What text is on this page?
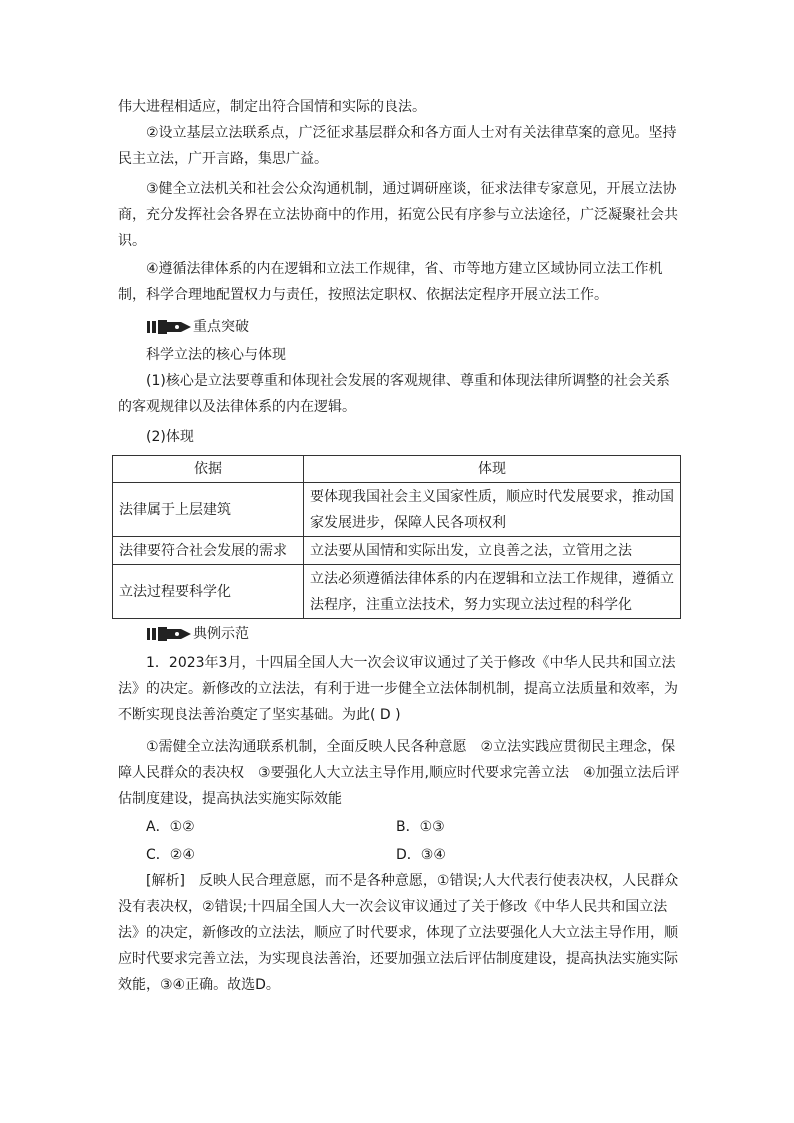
伟大进程相适应，制定出符合国情和实际的良法。

②设立基层立法联系点，广泛征求基层群众和各方面人士对有关法律草案的意见。坚持民主立法，广开言路，集思广益。

③健全立法机关和社会公众沟通机制，通过调研座谈，征求法律专家意见，开展立法协商，充分发挥社会各界在立法协商中的作用，拓宽公民有序参与立法途径，广泛凝聚社会共识。

④遵循法律体系的内在逻辑和立法工作规律，省、市等地方建立区域协同立法工作机制，科学合理地配置权力与责任，按照法定职权、依据法定程序开展立法工作。

重点突破
科学立法的核心与体现

(1)核心是立法要尊重和体现社会发展的客观规律、尊重和体现法律所调整的社会关系的客观规律以及法律体系的内在逻辑。

(2)体现
依据	体现
法律属于上层建筑	要体现我国社会主义国家性质，顺应时代发展要求，推动国家发展进步，保障人民各项权利
法律要符合社会发展的需求	立法要从国情和实际出发，立良善之法，立管用之法
立法过程要科学化	立法必须遵循法律体系的内在逻辑和立法工作规律，遵循立法程序，注重立法技术，努力实现立法过程的科学化
典例示范

1．2023年3月，十四届全国人大一次会议审议通过了关于修改《中华人民共和国立法法》的决定。新修改的立法法，有利于进一步健全立法体制机制，提高立法质量和效率，为不断实现良法善治奠定了坚实基础。为此( D )

①需健全立法沟通联系机制，全面反映人民各种意愿　②立法实践应贯彻民主理念，保障人民群众的表决权　③要强化人大立法主导作用,顺应时代要求完善立法　④加强立法后评估制度建设，提高执法实施实际效能

A．①②	B．①③
C．②④	D．③④

[解析]　反映人民合理意愿，而不是各种意愿，①错误;人大代表行使表决权，人民群众没有表决权，②错误;十四届全国人大一次会议审议通过了关于修改《中华人民共和国立法法》的决定，新修改的立法法，顺应了时代要求，体现了立法要强化人大立法主导作用，顺应时代要求完善立法，为实现良法善治，还要加强立法后评估制度建设，提高执法实施实际效能，③④正确。故选D。
